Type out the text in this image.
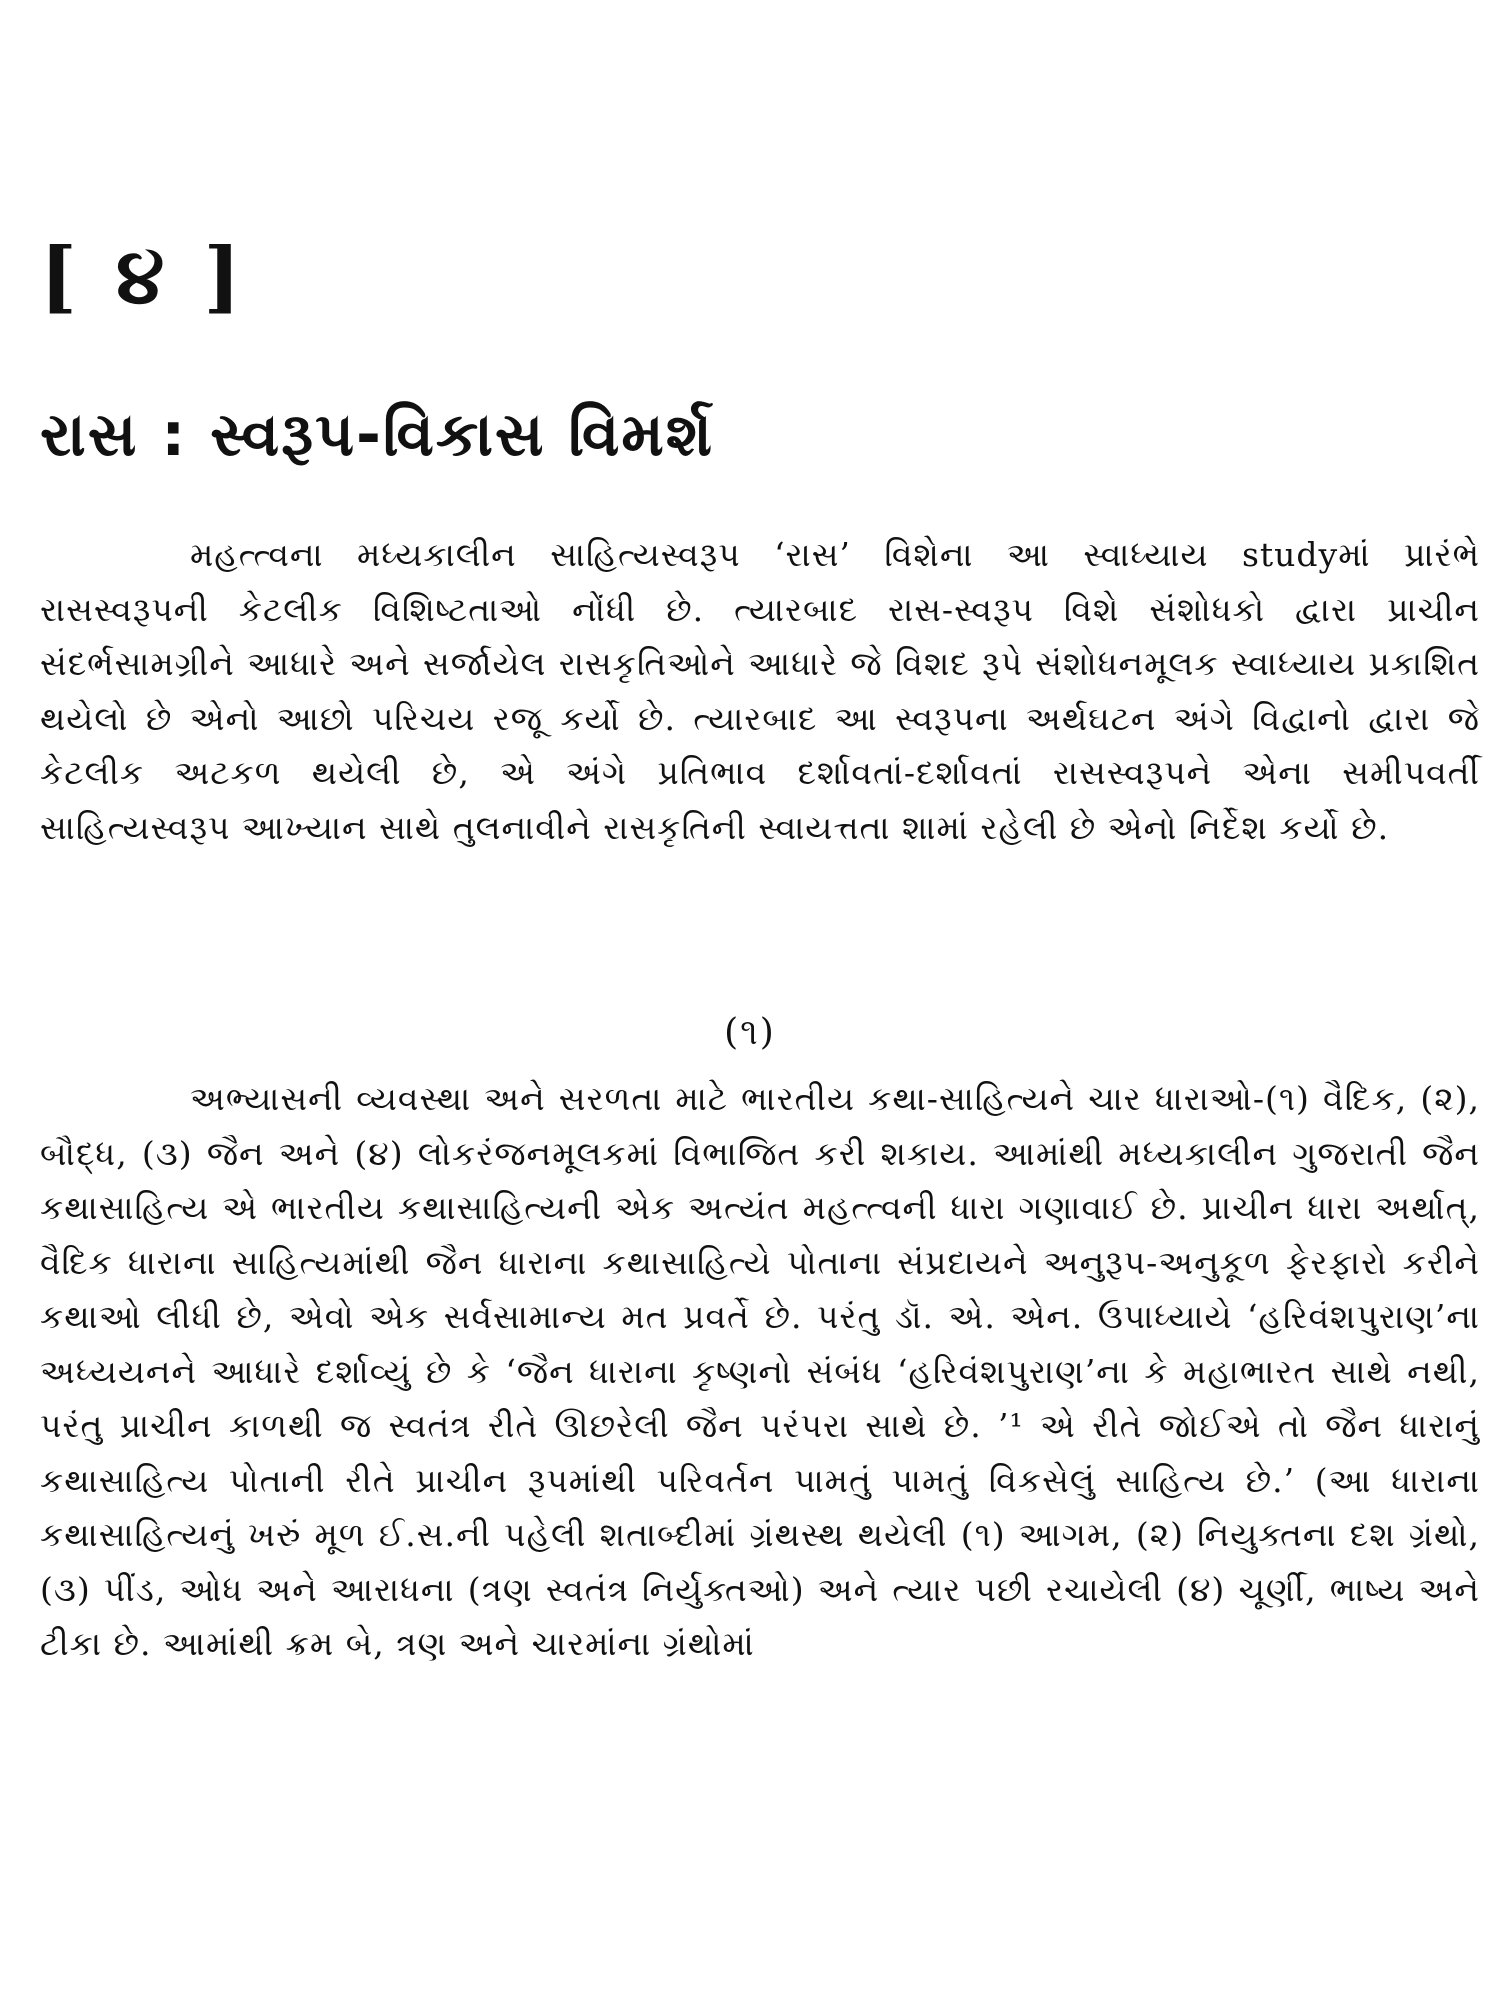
[ ૪ ]
રાસ : સ્વરૂપ-વિકાસ વિમર્શ

મહત્ત્વના મધ્યકાલીન સાહિત્યસ્વરૂપ ‘રાસ’ વિશેના આ સ્વાધ્યાય studyમાં પ્રારંભે રાસસ્વરૂપની કેટલીક વિશિષ્ટતાઓ નોંધી છે. ત્યારબાદ રાસ-સ્વરૂપ વિશે સંશોધકો દ્વારા પ્રાચીન સંદર્ભસામગ્રીને આધારે અને સર્જાયેલ રાસકૃતિઓને આધારે જે વિશદ રૂપે સંશોધનમૂલક સ્વાધ્યાય પ્રકાશિત થયેલો છે એનો આછો પરિચય રજૂ કર્યો છે. ત્યારબાદ આ સ્વરૂપના અર્થઘટન અંગે વિદ્વાનો દ્વારા જે કેટલીક અટકળ થયેલી છે, એ અંગે પ્રતિભાવ દર્શાવતાં-દર્શાવતાં રાસસ્વરૂપને એના સમીપવર્તી સાહિત્યસ્વરૂપ આખ્યાન સાથે તુલનાવીને રાસકૃતિની સ્વાયત્તતા શામાં રહેલી છે એનો નિર્દેશ કર્યો છે.

(૧)

અભ્યાસની વ્યવસ્થા અને સરળતા માટે ભારતીય કથા-સાહિત્યને ચાર ધારાઓ-(૧) વૈદિક, (૨), બૌદ્ધ, (૩) જૈન અને (૪) લોકરંજનમૂલકમાં વિભાજિત કરી શકાય. આમાંથી મધ્યકાલીન ગુજરાતી જૈન કથાસાહિત્ય એ ભારતીય કથાસાહિત્યની એક અત્યંત મહત્ત્વની ધારા ગણાવાઈ છે. પ્રાચીન ધારા અર્થાત્, વૈદિક ધારાના સાહિત્યમાંથી જૈન ધારાના કથાસાહિત્યે પોતાના સંપ્રદાયને અનુરૂપ-અનુકૂળ ફેરફારો કરીને કથાઓ લીધી છે, એવો એક સર્વસામાન્ય મત પ્રવર્તે છે. પરંતુ ડૉ. એ. એન. ઉપાધ્યાયે ‘હરિવંશપુરાણ’ના અધ્યયનને આધારે દર્શાવ્યું છે કે ‘જૈન ધારાના કૃષ્ણનો સંબંધ ‘હરિવંશપુરાણ’ના કે મહાભારત સાથે નથી, પરંતુ પ્રાચીન કાળથી જ સ્વતંત્ર રીતે ઊછરેલી જૈન પરંપરા સાથે છે. ’¹ એ રીતે જોઈએ તો જૈન ધારાનું કથાસાહિત્ય પોતાની રીતે પ્રાચીન રૂપમાંથી પરિવર્તન પામતું પામતું વિકસેલું સાહિત્ય છે.’ (આ ધારાના કથાસાહિત્યનું ખરું મૂળ ઈ.સ.ની પહેલી શતાબ્દીમાં ગ્રંથસ્થ થયેલી (૧) આગમ, (૨) નિયુક્તના દશ ગ્રંથો, (૩) પીંડ, ઓધ અને આરાધના (ત્રણ સ્વતંત્ર નિર્યુક્તઓ) અને ત્યાર પછી રચાયેલી (૪) ચૂર્ણી, ભાષ્ય અને ટીકા છે. આમાંથી ક્રમ બે, ત્રણ અને ચારમાંના ગ્રંથોમાં
